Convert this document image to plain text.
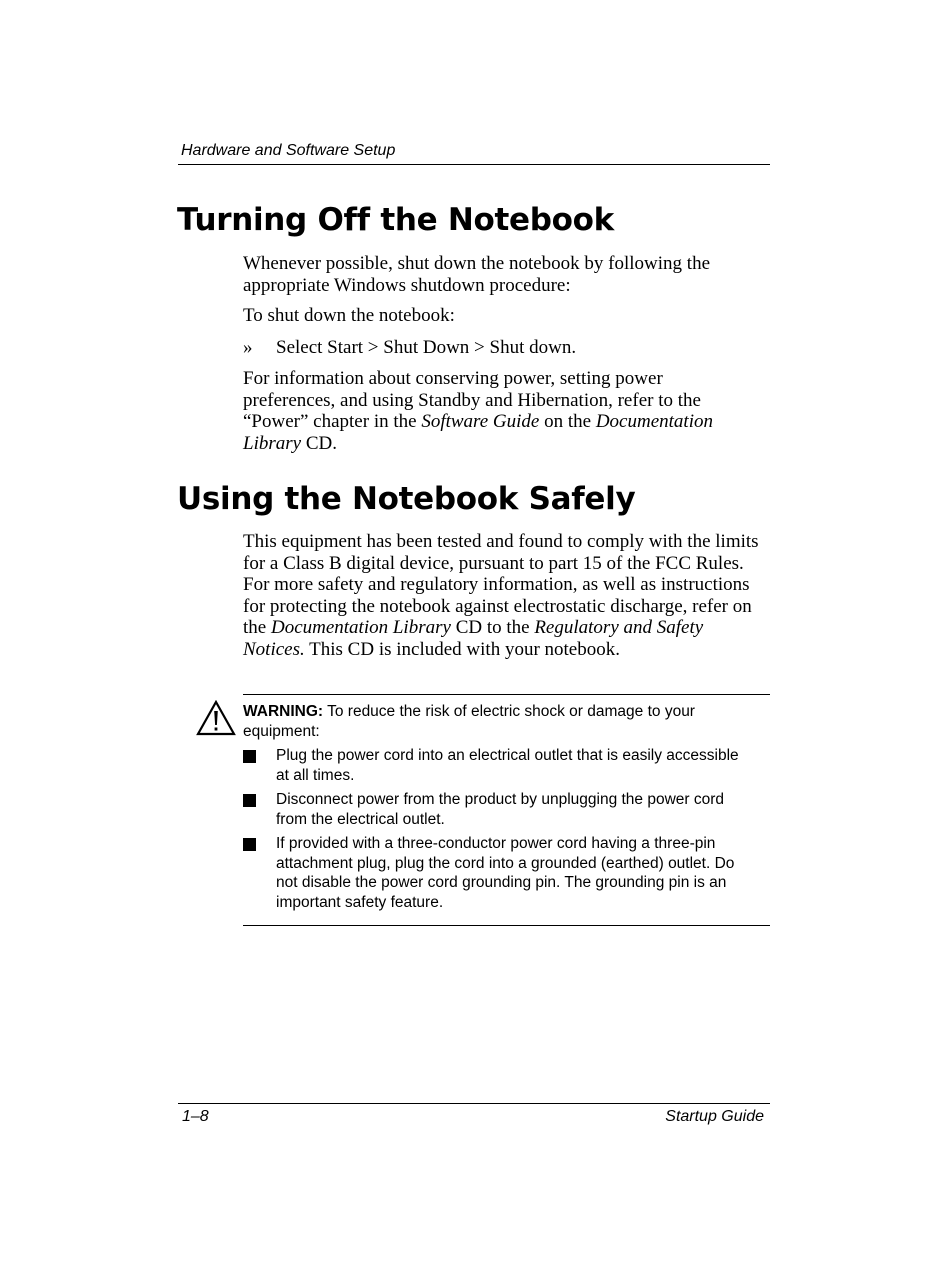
Hardware and Software Setup
Turning Off the Notebook

Whenever possible, shut down the notebook by following the appropriate Windows shutdown procedure:

To shut down the notebook:

» Select Start > Shut Down > Shut down.

For information about conserving power, setting power preferences, and using Standby and Hibernation, refer to the “Power” chapter in the Software Guide on the Documentation Library CD.

Using the Notebook Safely

This equipment has been tested and found to comply with the limits for a Class B digital device, pursuant to part 15 of the FCC Rules. For more safety and regulatory information, as well as instructions for protecting the notebook against electrostatic discharge, refer on the Documentation Library CD to the Regulatory and Safety Notices. This CD is included with your notebook.

WARNING: To reduce the risk of electric shock or damage to your equipment:
Plug the power cord into an electrical outlet that is easily accessible at all times.
Disconnect power from the product by unplugging the power cord from the electrical outlet.
If provided with a three-conductor power cord having a three-pin attachment plug, plug the cord into a grounded (earthed) outlet. Do not disable the power cord grounding pin. The grounding pin is an important safety feature.
1–8	Startup Guide
